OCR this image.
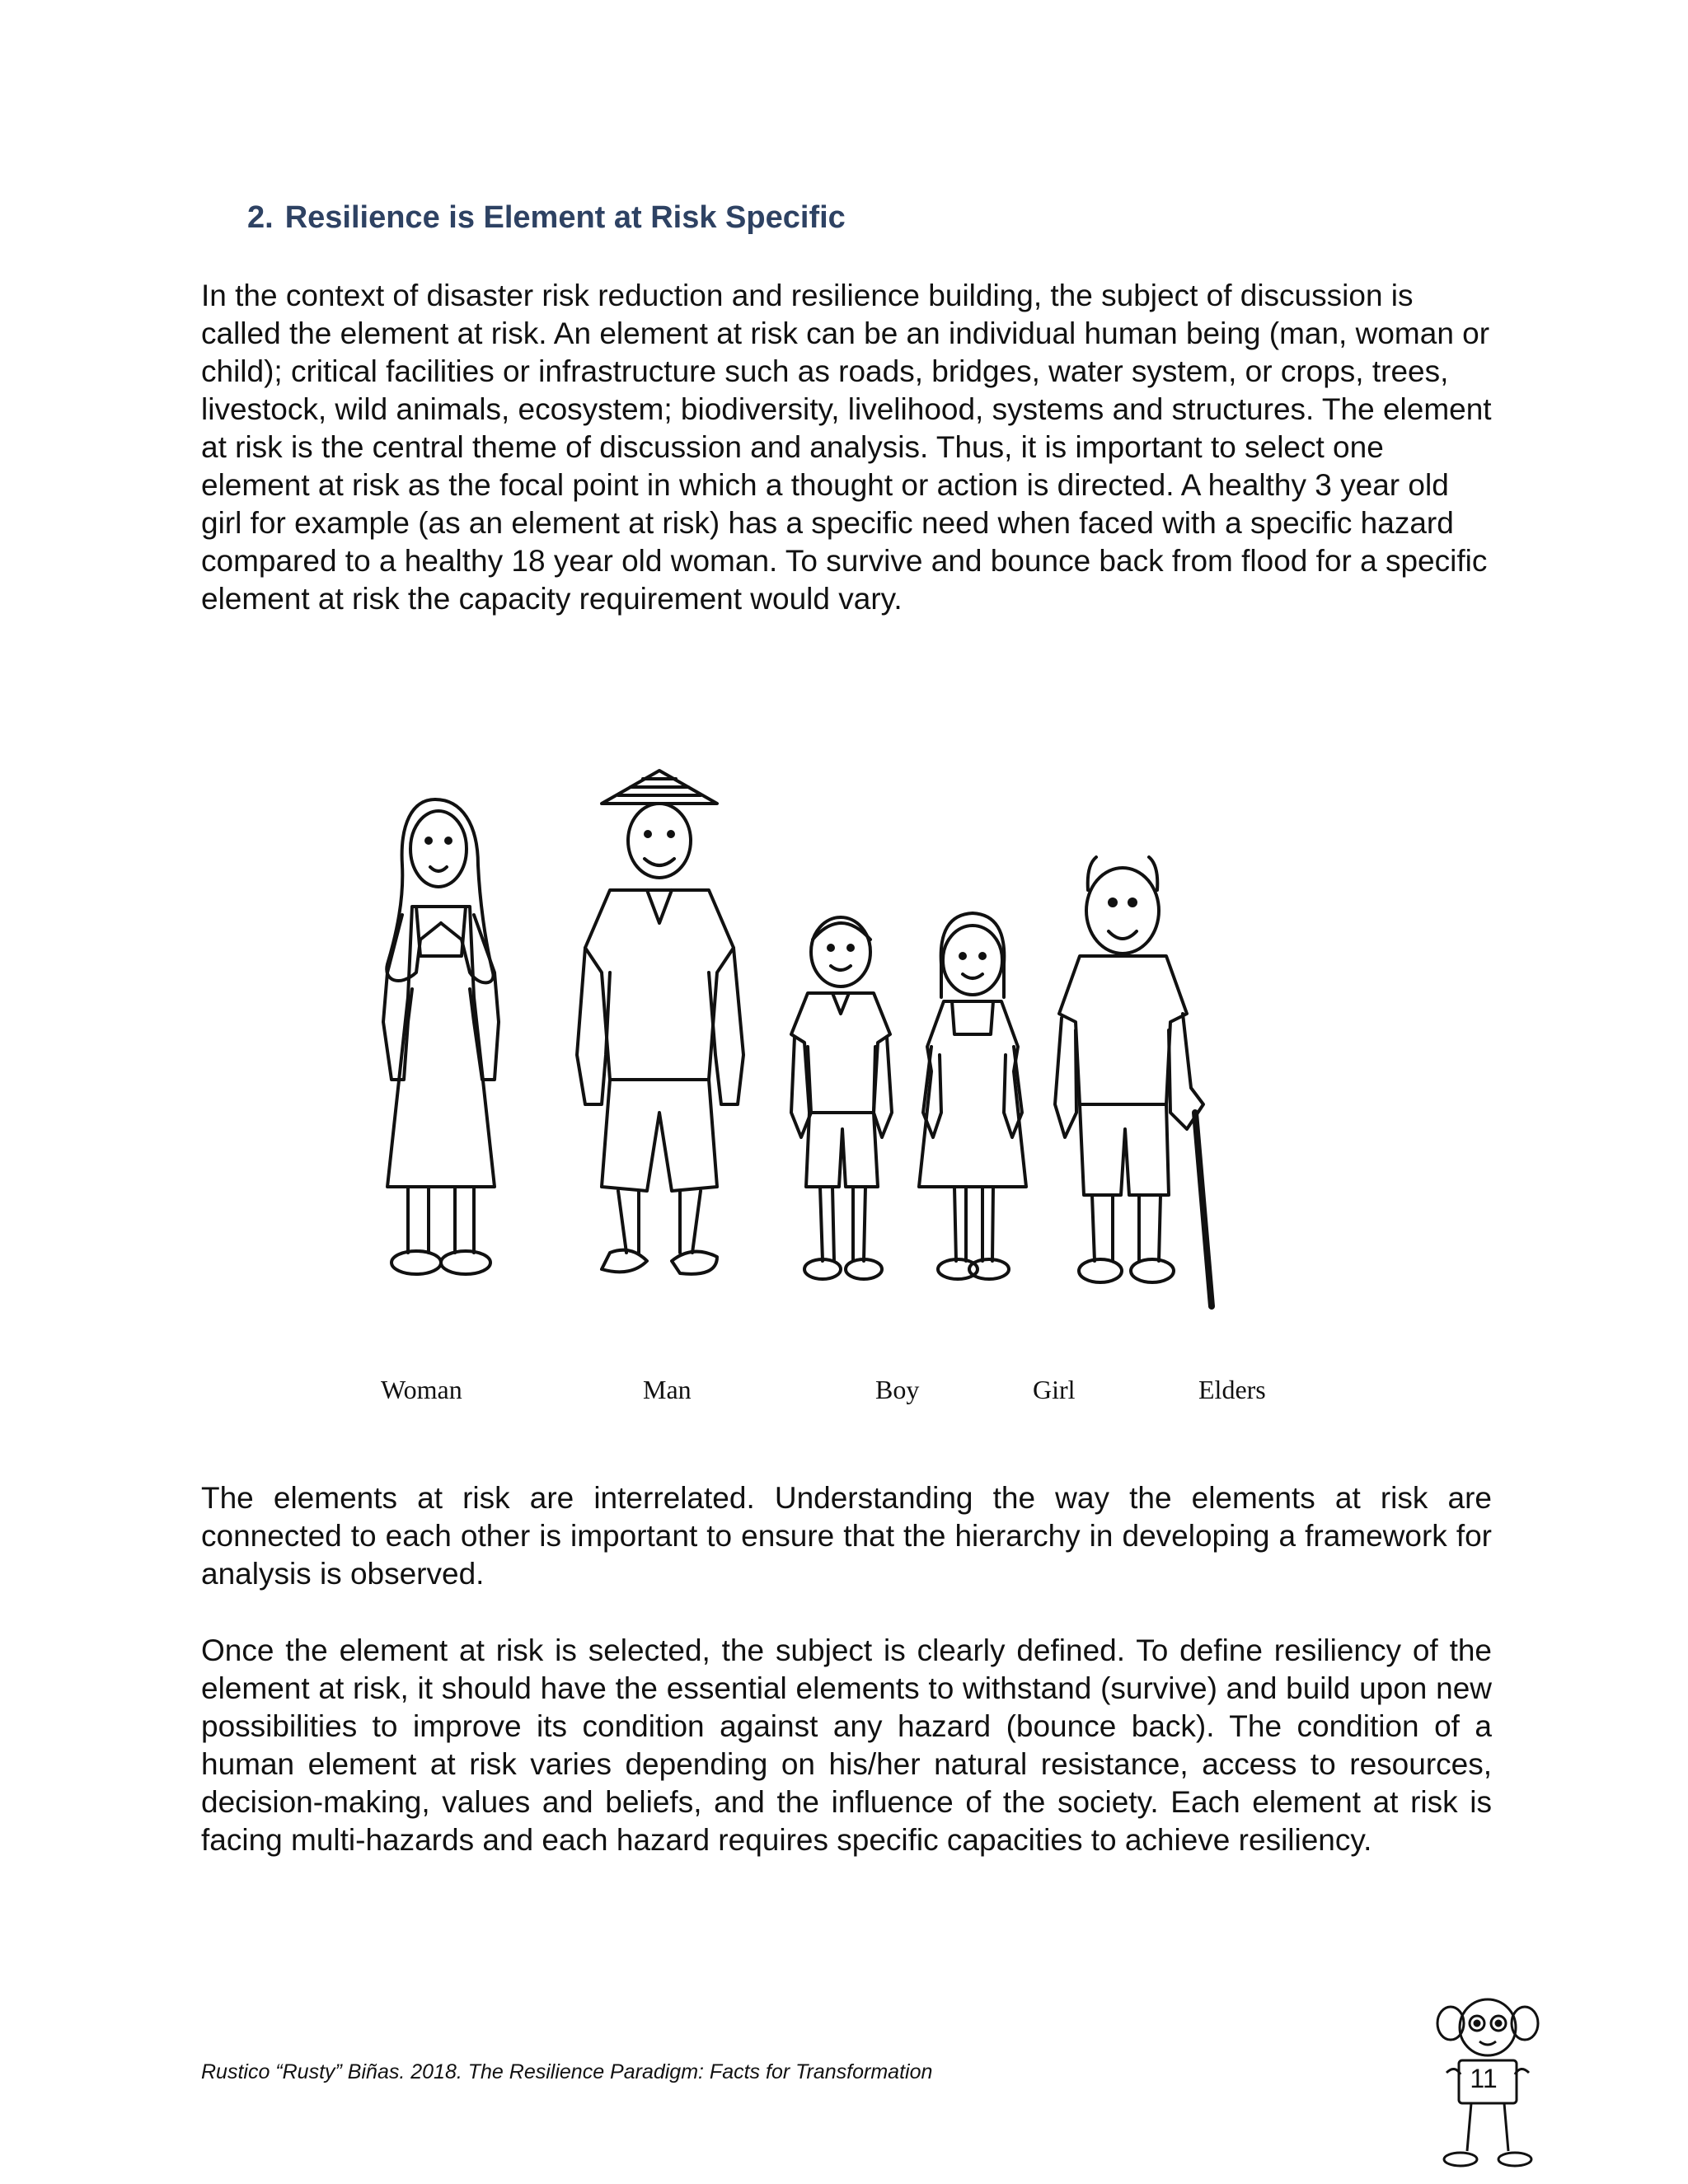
2. Resilience is Element at Risk Specific

In the context of disaster risk reduction and resilience building, the subject of discussion is called the element at risk. An element at risk can be an individual human being (man, woman or child); critical facilities or infrastructure such as roads, bridges, water system, or crops, trees, livestock, wild animals, ecosystem; biodiversity, livelihood, systems and structures. The element at risk is the central theme of discussion and analysis. Thus, it is important to select one element at risk as the focal point in which a thought or action is directed. A healthy 3 year old girl for example (as an element at risk) has a specific need when faced with a specific hazard compared to a healthy 18 year old woman. To survive and bounce back from flood for a specific element at risk the capacity requirement would vary.

Woman	Man	Boy	Girl	Elders

The elements at risk are interrelated. Understanding the way the elements at risk are connected to each other is important to ensure that the hierarchy in developing a framework for analysis is observed.

Once the element at risk is selected, the subject is clearly defined. To define resiliency of the element at risk, it should have the essential elements to withstand (survive) and build upon new possibilities to improve its condition against any hazard (bounce back). The condition of a human element at risk varies depending on his/her natural resistance, access to resources, decision-making, values and beliefs, and the influence of the society. Each element at risk is facing multi-hazards and each hazard requires specific capacities to achieve resiliency.

Rustico “Rusty” Biñas. 2018. The Resilience Paradigm: Facts for Transformation	11
